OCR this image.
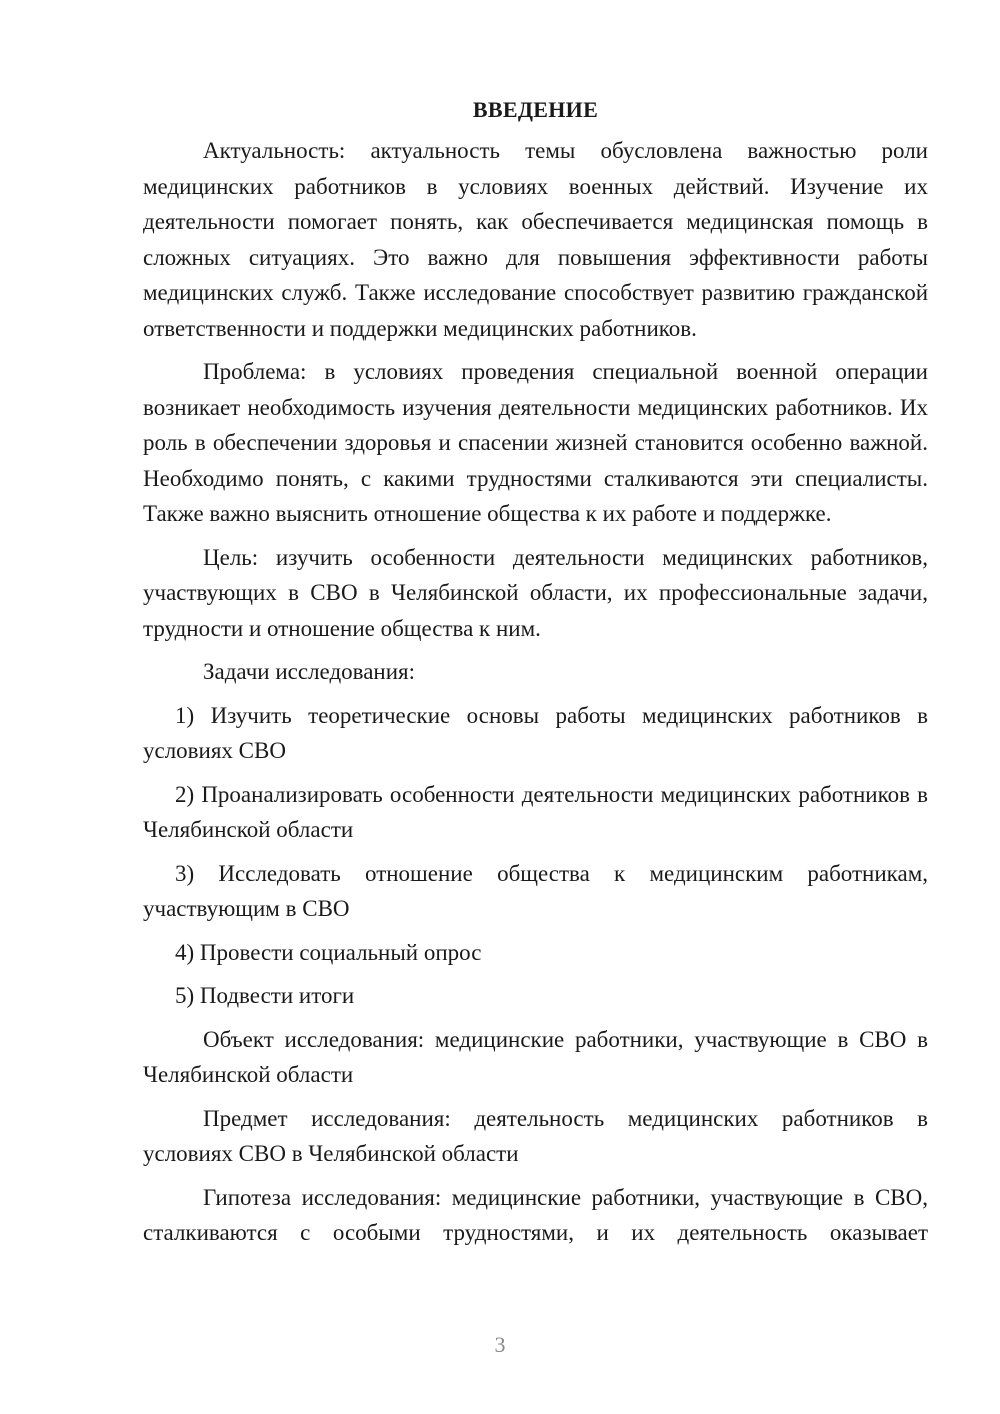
ВВЕДЕНИЕ

Актуальность: актуальность темы обусловлена важностью роли медицинских работников в условиях военных действий. Изучение их деятельности помогает понять, как обеспечивается медицинская помощь в сложных ситуациях. Это важно для повышения эффективности работы медицинских служб. Также исследование способствует развитию гражданской ответственности и поддержки медицинских работников.

Проблема: в условиях проведения специальной военной операции возникает необходимость изучения деятельности медицинских работников. Их роль в обеспечении здоровья и спасении жизней становится особенно важной. Необходимо понять, с какими трудностями сталкиваются эти специалисты. Также важно выяснить отношение общества к их работе и поддержке.

Цель: изучить особенности деятельности медицинских работников, участвующих в СВО в Челябинской области, их профессиональные задачи, трудности и отношение общества к ним.

Задачи исследования:

1) Изучить теоретические основы работы медицинских работников в условиях СВО

2) Проанализировать особенности деятельности медицинских работников в Челябинской области

3) Исследовать отношение общества к медицинским работникам, участвующим в СВО

4) Провести социальный опрос

5) Подвести итоги

Объект исследования: медицинские работники, участвующие в СВО в Челябинской области

Предмет исследования: деятельность медицинских работников в условиях СВО в Челябинской области

Гипотеза исследования: медицинские работники, участвующие в СВО, сталкиваются с особыми трудностями, и их деятельность оказывает

3
